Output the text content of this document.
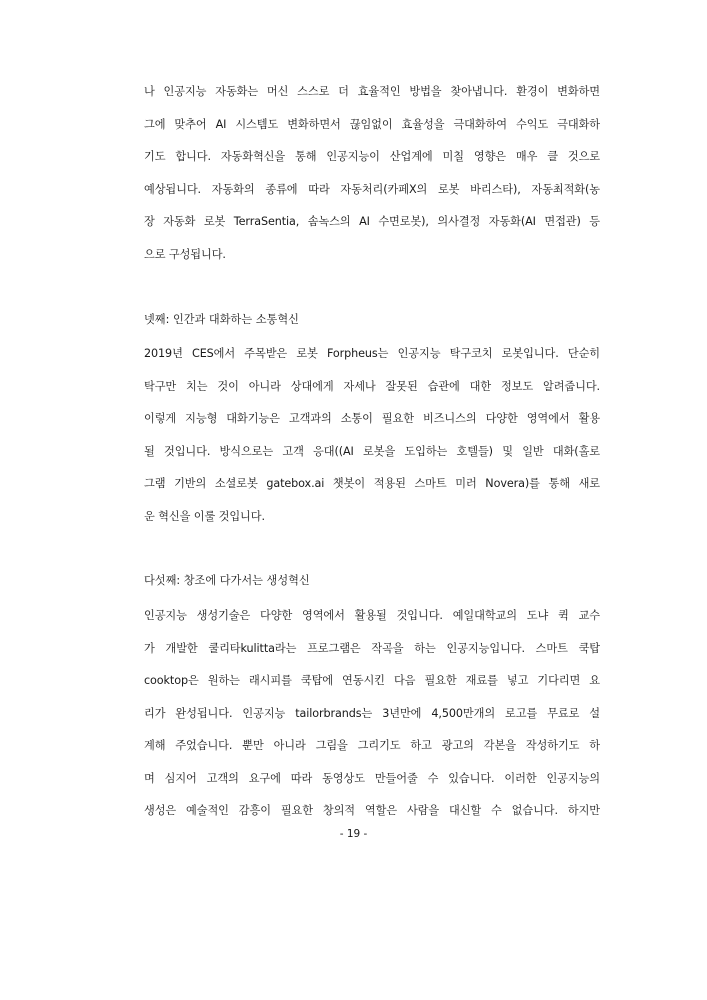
나 인공지능 자동화는 머신 스스로 더 효율적인 방법을 찾아냅니다. 환경이 변화하면
그에 맞추어 AI 시스템도 변화하면서 끊임없이 효율성을 극대화하여 수익도 극대화하
기도 합니다. 자동화혁신을 통해 인공지능이 산업계에 미칠 영향은 매우 클 것으로
예상됩니다. 자동화의 종류에 따라 자동처리(카페X의 로봇 바리스타), 자동최적화(농
장 자동화 로봇 TerraSentia, 솜녹스의 AI 수면로봇), 의사결정 자동화(AI 면접관) 등
으로 구성됩니다.
넷째: 인간과 대화하는 소통혁신
2019년 CES에서 주목받은 로봇 Forpheus는 인공지능 탁구코치 로봇입니다. 단순히
탁구만 치는 것이 아니라 상대에게 자세나 잘못된 습관에 대한 정보도 알려줍니다.
이렇게 지능형 대화기능은 고객과의 소통이 필요한 비즈니스의 다양한 영역에서 활용
될 것입니다. 방식으로는 고객 응대((AI 로봇을 도입하는 호텔들) 및 일반 대화(홀로
그램 기반의 소셜로봇 gatebox.ai 챗봇이 적용된 스마트 미러 Novera)를 통해 새로
운 혁신을 이룰 것입니다.
다섯째: 창조에 다가서는 생성혁신
인공지능 생성기술은 다양한 영역에서 활용될 것입니다. 예일대학교의 도냐 퀵 교수
가 개발한 쿨리타kulitta라는 프로그램은 작곡을 하는 인공지능입니다. 스마트 쿡탑
cooktop은 원하는 래시피를 쿡탑에 연동시킨 다음 필요한 재료를 넣고 기다리면 요
리가 완성됩니다. 인공지능 tailorbrands는 3년만에 4,500만개의 로고를 무료로 설
계해 주었습니다. 뿐만 아니라 그림을 그리기도 하고 광고의 각본을 작성하기도 하
며 심지어 고객의 요구에 따라 동영상도 만들어줄 수 있습니다. 이러한 인공지능의
생성은 예술적인 감흥이 필요한 창의적 역할은 사람을 대신할 수 없습니다. 하지만
- 19 -
